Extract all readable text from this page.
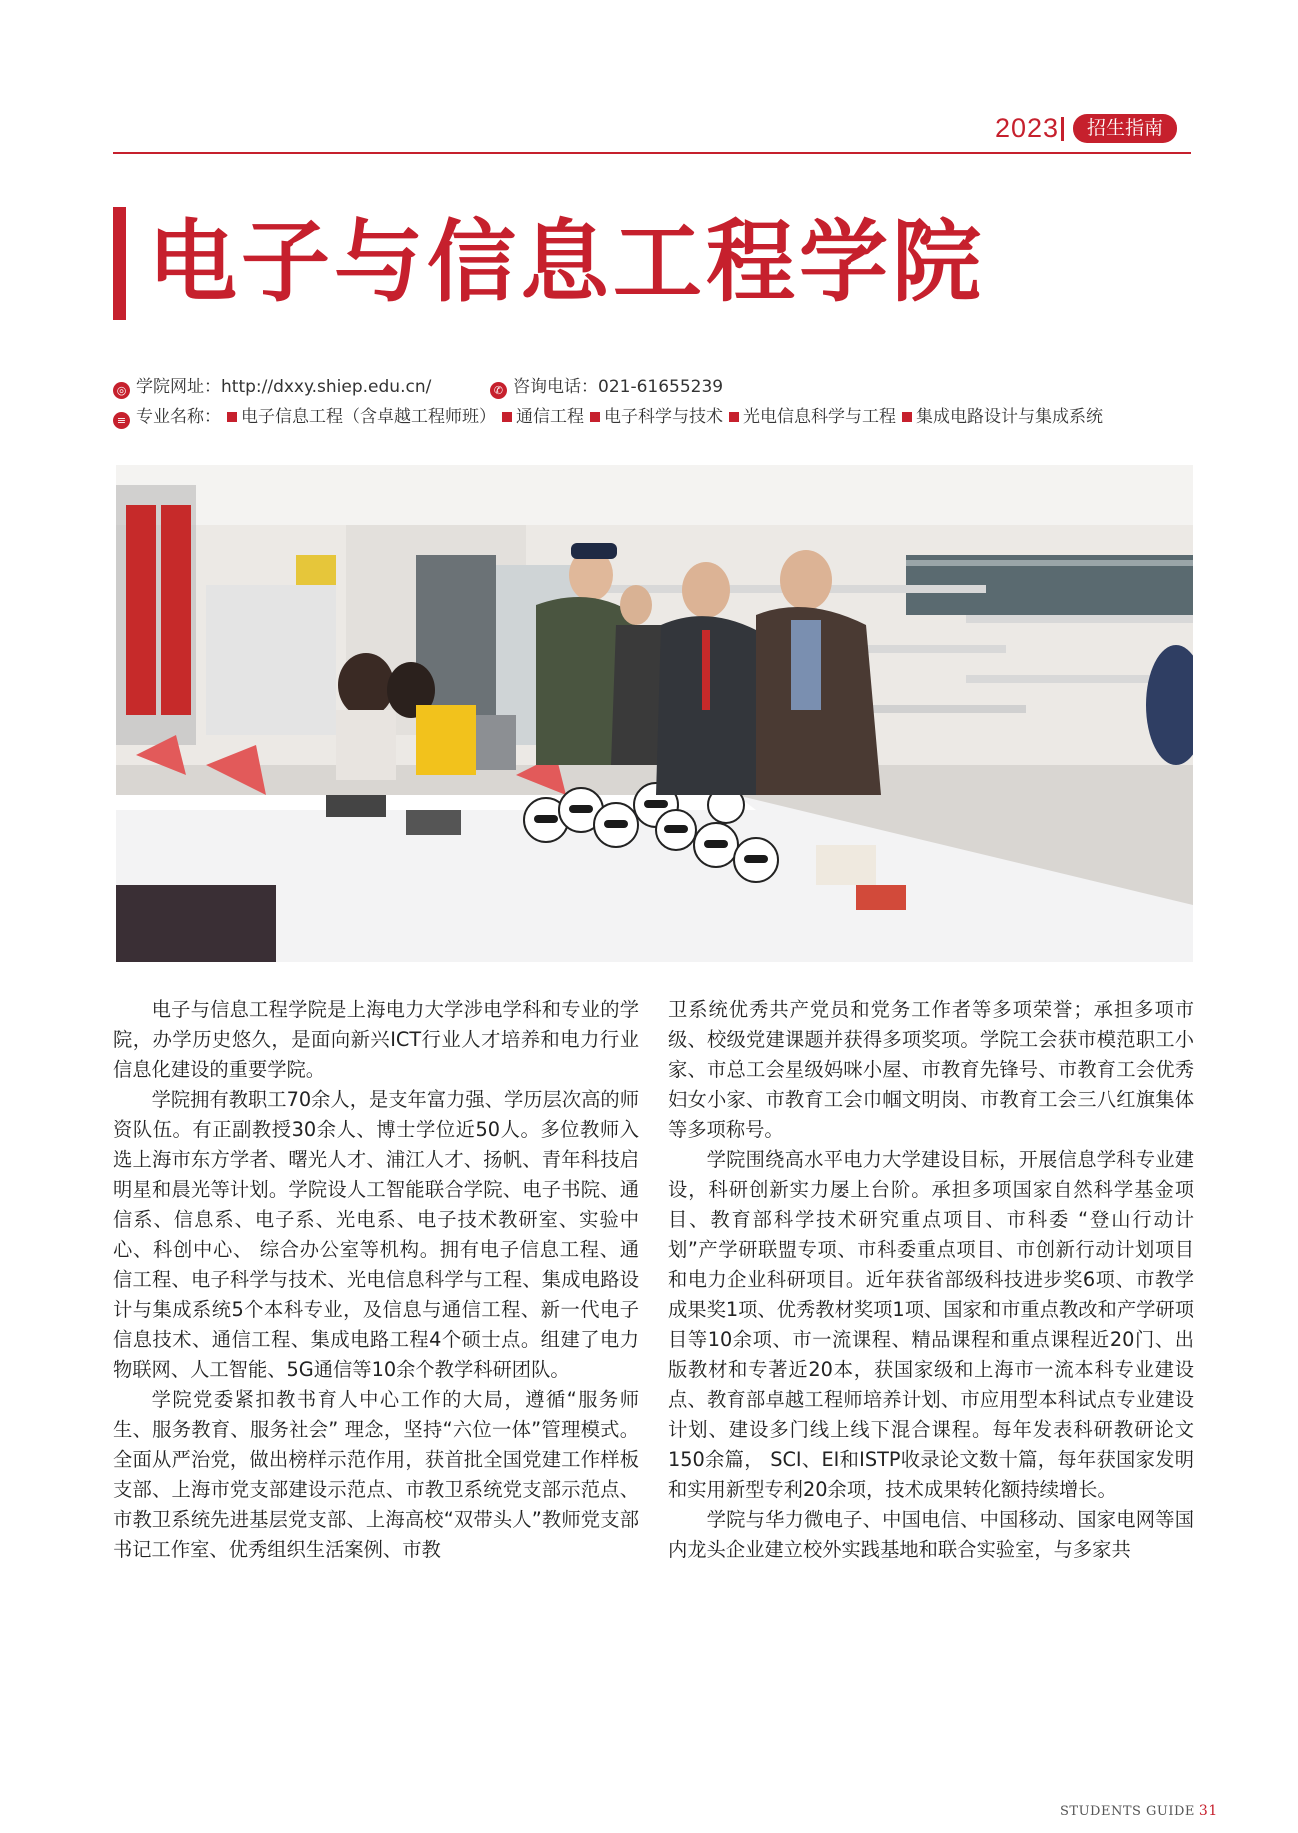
2023	招生指南
电子与信息工程学院
◎ 学院网址：http://dxxy.shiep.edu.cn/	✆ 咨询电话：021-61655239
≡ 专业名称： 电子信息工程（含卓越工程师班） 通信工程 电子科学与技术 光电信息科学与工程 集成电路设计与集成系统

电子与信息工程学院是上海电力大学涉电学科和专业的学院，办学历史悠久，是面向新兴ICT行业人才培养和电力行业信息化建设的重要学院。

学院拥有教职工70余人，是支年富力强、学历层次高的师资队伍。有正副教授30余人、博士学位近50人。多位教师入选上海市东方学者、曙光人才、浦江人才、扬帆、青年科技启明星和晨光等计划。学院设人工智能联合学院、电子书院、通信系、信息系、电子系、光电系、电子技术教研室、实验中心、科创中心、 综合办公室等机构。拥有电子信息工程、通信工程、电子科学与技术、光电信息科学与工程、集成电路设计与集成系统5个本科专业，及信息与通信工程、新一代电子信息技术、通信工程、集成电路工程4个硕士点。组建了电力物联网、人工智能、5G通信等10余个教学科研团队。

学院党委紧扣教书育人中心工作的大局，遵循“服务师生、服务教育、服务社会” 理念，坚持“六位一体”管理模式。全面从严治党，做出榜样示范作用，获首批全国党建工作样板支部、上海市党支部建设示范点、市教卫系统党支部示范点、市教卫系统先进基层党支部、上海高校“双带头人”教师党支部书记工作室、优秀组织生活案例、市教

卫系统优秀共产党员和党务工作者等多项荣誉；承担多项市级、校级党建课题并获得多项奖项。学院工会获市模范职工小家、市总工会星级妈咪小屋、市教育先锋号、市教育工会优秀妇女小家、市教育工会巾帼文明岗、市教育工会三八红旗集体等多项称号。

学院围绕高水平电力大学建设目标，开展信息学科专业建设，科研创新实力屡上台阶。承担多项国家自然科学基金项目、教育部科学技术研究重点项目、市科委 “登山行动计划”产学研联盟专项、市科委重点项目、市创新行动计划项目和电力企业科研项目。近年获省部级科技进步奖6项、市教学成果奖1项、优秀教材奖项1项、国家和市重点教改和产学研项目等10余项、市一流课程、精品课程和重点课程近20门、出版教材和专著近20本，获国家级和上海市一流本科专业建设点、教育部卓越工程师培养计划、市应用型本科试点专业建设计划、建设多门线上线下混合课程。每年发表科研教研论文150余篇， SCI、EI和ISTP收录论文数十篇，每年获国家发明和实用新型专利20余项，技术成果转化额持续增长。

学院与华力微电子、中国电信、中国移动、国家电网等国内龙头企业建立校外实践基地和联合实验室，与多家共

STUDENTS GUIDE 31
